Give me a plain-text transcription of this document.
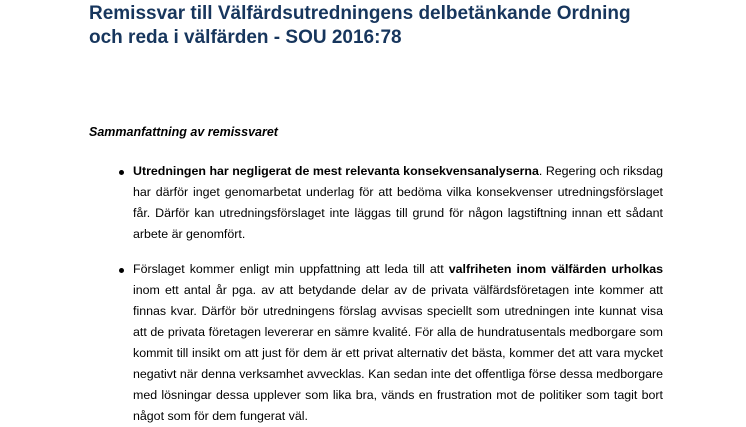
Remissvar till Välfärdsutredningens delbetänkande Ordning och reda i välfärden - SOU 2016:78

Sammanfattning av remissvaret

Utredningen har negligerat de mest relevanta konsekvensanalyserna. Regering och riksdag har därför inget genomarbetat underlag för att bedöma vilka konsekvenser utredningsförslaget får. Därför kan utredningsförslaget inte läggas till grund för någon lagstiftning innan ett sådant arbete är genomfört.
Förslaget kommer enligt min uppfattning att leda till att valfriheten inom välfärden urholkas inom ett antal år pga. av att betydande delar av de privata välfärdsföretagen inte kommer att finnas kvar. Därför bör utredningens förslag avvisas speciellt som utredningen inte kunnat visa att de privata företagen levererar en sämre kvalité. För alla de hundratusentals medborgare som kommit till insikt om att just för dem är ett privat alternativ det bästa, kommer det att vara mycket negativt när denna verksamhet avvecklas. Kan sedan inte det offentliga förse dessa medborgare med lösningar dessa upplever som lika bra, vänds en frustration mot de politiker som tagit bort något som för dem fungerat väl.
